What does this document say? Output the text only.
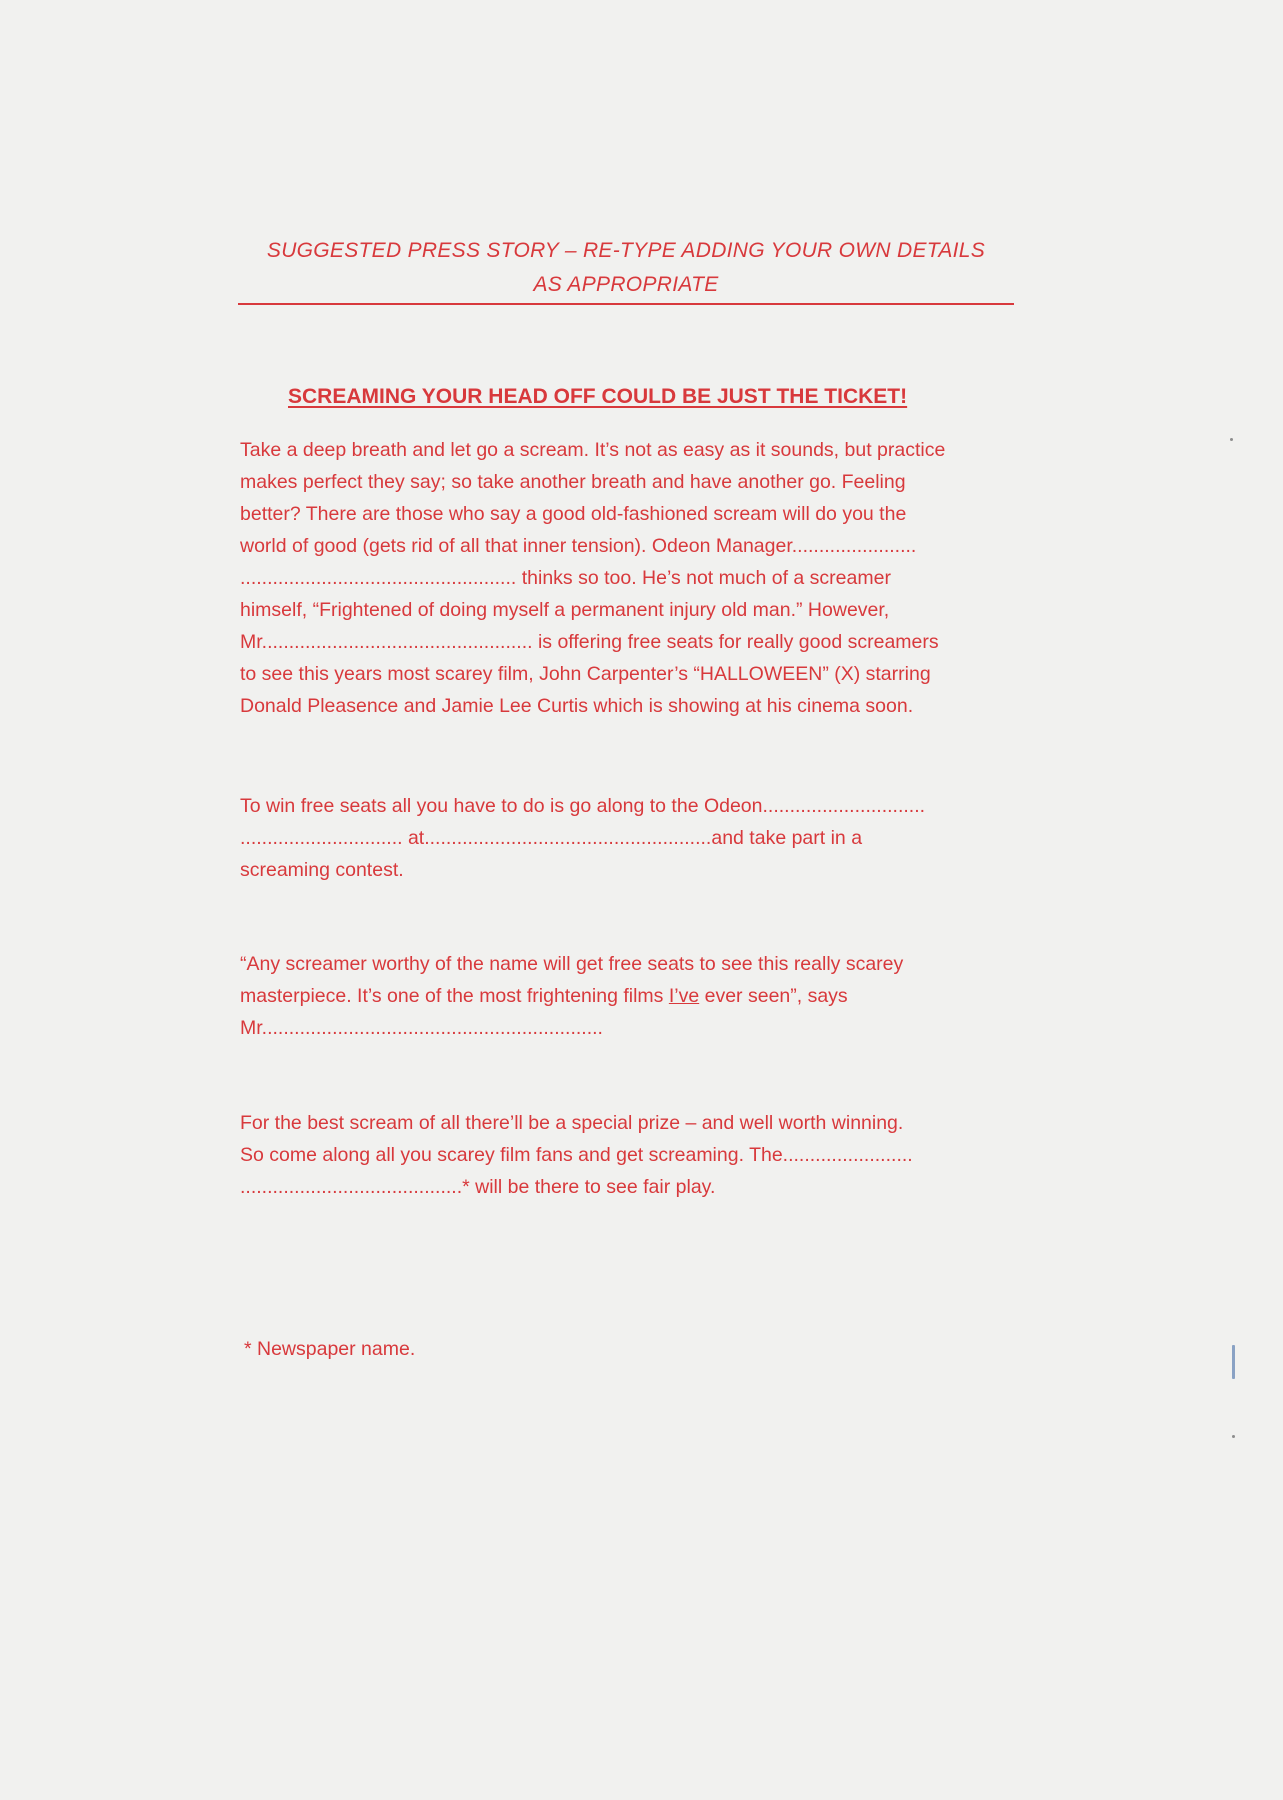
SUGGESTED PRESS STORY – RE-TYPE ADDING YOUR OWN DETAILS
AS APPROPRIATE
SCREAMING YOUR HEAD OFF COULD BE JUST THE TICKET!

Take a deep breath and let go a scream. It’s not as easy as it sounds, but practice
makes perfect they say; so take another breath and have another go. Feeling
better? There are those who say a good old-fashioned scream will do you the
world of good (gets rid of all that inner tension). Odeon Manager.......................
................................................... thinks so too. He’s not much of a screamer
himself, “Frightened of doing myself a permanent injury old man.” However,
Mr.................................................. is offering free seats for really good screamers
to see this years most scarey film, John Carpenter’s “HALLOWEEN” (X) starring
Donald Pleasence and Jamie Lee Curtis which is showing at his cinema soon.

To win free seats all you have to do is go along to the Odeon..............................
.............................. at.....................................................and take part in a
screaming contest.

“Any screamer worthy of the name will get free seats to see this really scarey
masterpiece. It’s one of the most frightening films I’ve ever seen”, says
Mr...............................................................

For the best scream of all there’ll be a special prize – and well worth winning.
So come along all you scarey film fans and get screaming. The........................
.........................................* will be there to see fair play.

* Newspaper name.
